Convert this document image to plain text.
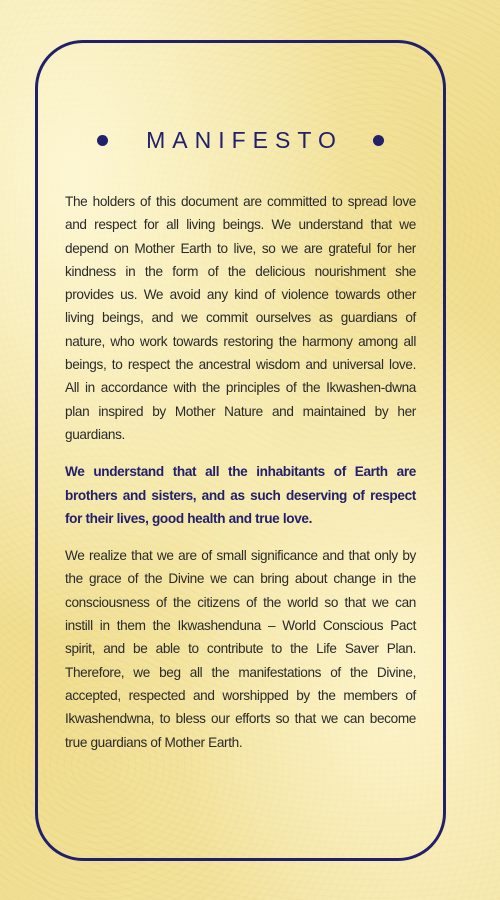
MANIFESTO

The holders of this document are committed to spread love and respect for all living beings. We understand that we depend on Mother Earth to live, so we are grateful for her kindness in the form of the delicious nourishment she provides us. We avoid any kind of violence towards other living beings, and we commit ourselves as guardians of nature, who work towards restoring the harmony among all beings, to respect the ancestral wisdom and universal love. All in accordance with the principles of the Ikwashen-dwna plan inspired by Mother Nature and maintained by her guardians.

We understand that all the inhabitants of Earth are brothers and sisters, and as such deserving of respect for their lives, good health and true love.

We realize that we are of small significance and that only by the grace of the Divine we can bring about change in the consciousness of the citizens of the world so that we can instill in them the Ikwashenduna – World Conscious Pact spirit, and be able to contribute to the Life Saver Plan. Therefore, we beg all the manifestations of the Divine, accepted, respected and worshipped by the members of Ikwashendwna, to bless our efforts so that we can become true guardians of Mother Earth.
